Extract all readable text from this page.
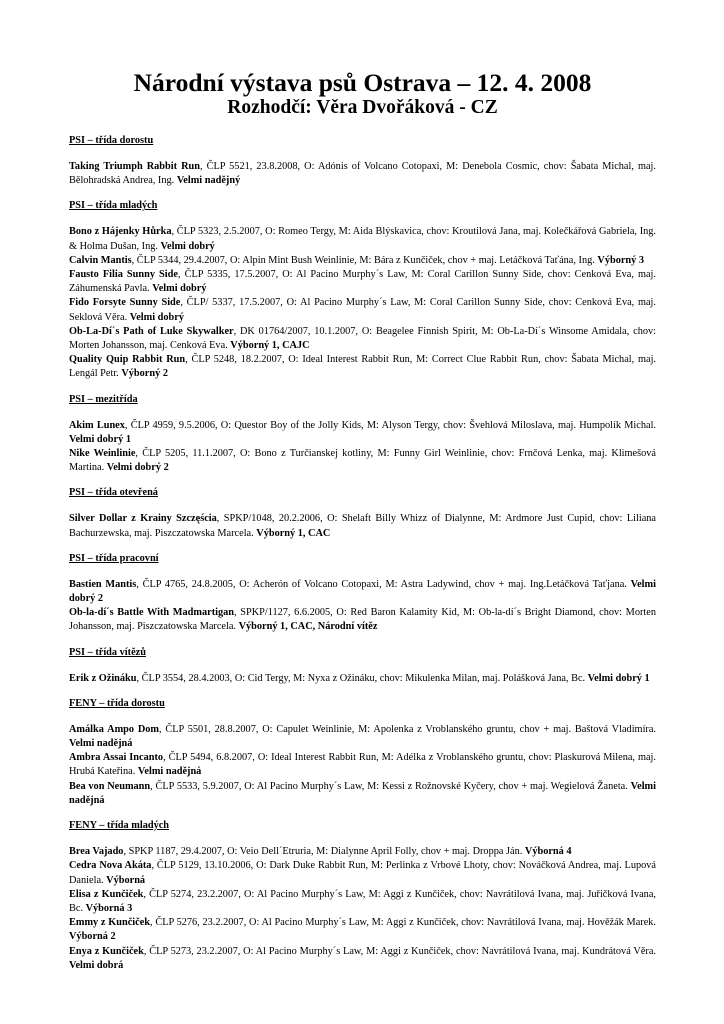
Národní výstava psů Ostrava – 12. 4. 2008
Rozhodčí: Věra Dvořáková - CZ
PSI – třída dorostu

Taking Triumph Rabbit Run, ČLP 5521, 23.8.2008, O: Adónis of Volcano Cotopaxi, M: Denebola Cosmic, chov: Šabata Michal, maj. Bělohradská Andrea, Ing. Velmi nadějný

PSI – třída mladých

Bono z Hájenky Hůrka, ČLP 5323, 2.5.2007, O: Romeo Tergy, M: Aida Blýskavica, chov: Kroutilová Jana, maj. Kolečkářová Gabriela, Ing. & Holma Dušan, Ing. Velmi dobrý

Calvin Mantis, ČLP 5344, 29.4.2007, O: Alpin Mint Bush Weinlinie, M: Bára z Kunčiček, chov + maj. Letáčková Taťána, Ing. Výborný 3

Fausto Filia Sunny Side, ČLP 5335, 17.5.2007, O: Al Pacino Murphy´s Law, M: Coral Carillon Sunny Side, chov: Cenková Eva, maj. Záhumenská Pavla. Velmi dobrý

Fido Forsyte Sunny Side, ČLP/ 5337, 17.5.2007, O: Al Pacino Murphy´s Law, M: Coral Carillon Sunny Side, chov: Cenková Eva, maj. Seklová Věra. Velmi dobrý

Ob-La-Dí´s Path of Luke Skywalker, DK 01764/2007, 10.1.2007, O: Beagelee Finnish Spirit, M: Ob-La-Dí´s Winsome Amidala, chov: Morten Johansson, maj. Cenková Eva. Výborný 1, CAJC

Quality Quip Rabbit Run, ČLP 5248, 18.2.2007, O: Ideal Interest Rabbit Run, M: Correct Clue Rabbit Run, chov: Šabata Michal, maj. Lengál Petr. Výborný 2

PSI – mezitřída

Akim Lunex, ČLP 4959, 9.5.2006, O: Questor Boy of the Jolly Kids, M: Alyson Tergy, chov: Švehlová Miloslava, maj. Humpolík Michal. Velmi dobrý 1

Nike Weinlinie, ČLP 5205, 11.1.2007, O: Bono z Turčianskej kotliny, M: Funny Girl Weinlinie, chov: Frnčová Lenka, maj. Klimešová Martina. Velmi dobrý 2

PSI – třída otevřená

Silver Dollar z Krainy Szczęścia, SPKP/1048, 20.2.2006, O: Shelaft Billy Whizz of Dialynne, M: Ardmore Just Cupid, chov: Liliana Bachurzewska, maj. Piszczatowska Marcela. Výborný 1, CAC

PSI – třída pracovní

Bastien Mantis, ČLP 4765, 24.8.2005, O: Acherón of Volcano Cotopaxi, M: Astra Ladywind, chov + maj. Ing.Letáčková Taťjana. Velmi dobrý 2

Ob-la-dí´s Battle With Madmartigan, SPKP/1127, 6.6.2005, O: Red Baron Kalamity Kid, M: Ob-la-dí´s Bright Diamond, chov: Morten Johansson, maj. Piszczatowska Marcela. Výborný 1, CAC, Národní vítěz

PSI – třída vítězů

Erik z Ožináku, ČLP 3554, 28.4.2003, O: Cid Tergy, M: Nyxa z Ožináku, chov: Mikulenka Milan, maj. Polášková Jana, Bc. Velmi dobrý 1

FENY – třída dorostu

Amálka Ampo Dom, ČLP 5501, 28.8.2007, O: Capulet Weinlinie, M: Apolenka z Vroblanského gruntu, chov + maj. Baštová Vladimíra. Velmi nadějná

Ambra Assai Incanto, ČLP 5494, 6.8.2007, O: Ideal Interest Rabbit Run, M: Adélka z Vroblanského gruntu, chov: Plaskurová Milena, maj. Hrubá Kateřina. Velmi nadějná

Bea von Neumann, ČLP 5533, 5.9.2007, O: Al Pacino Murphy´s Law, M: Kessi z Rožnovské Kyčery, chov + maj. Wegielová Žaneta. Velmi nadějná

FENY – třída mladých

Brea Vajado, SPKP 1187, 29.4.2007, O: Veio Dell´Etruria, M: Dialynne April Folly, chov + maj. Droppa Ján. Výborná 4

Cedra Nova Akáta, ČLP 5129, 13.10.2006, O: Dark Duke Rabbit Run, M: Perlinka z Vrbové Lhoty, chov: Nováčková Andrea, maj. Lupová Daniela. Výborná

Elisa z Kunčiček, ČLP 5274, 23.2.2007, O: Al Pacino Murphy´s Law, M: Aggi z Kunčiček, chov: Navrátilová Ivana, maj. Juřičková Ivana, Bc. Výborná 3

Emmy z Kunčiček, ČLP 5276, 23.2.2007, O: Al Pacino Murphy´s Law, M: Aggi z Kunčiček, chov: Navrátilová Ivana, maj. Hověžák Marek. Výborná 2

Enya z Kunčiček, ČLP 5273, 23.2.2007, O: Al Pacino Murphy´s Law, M: Aggi z Kunčiček, chov: Navrátilová Ivana, maj. Kundrátová Věra. Velmi dobrá
